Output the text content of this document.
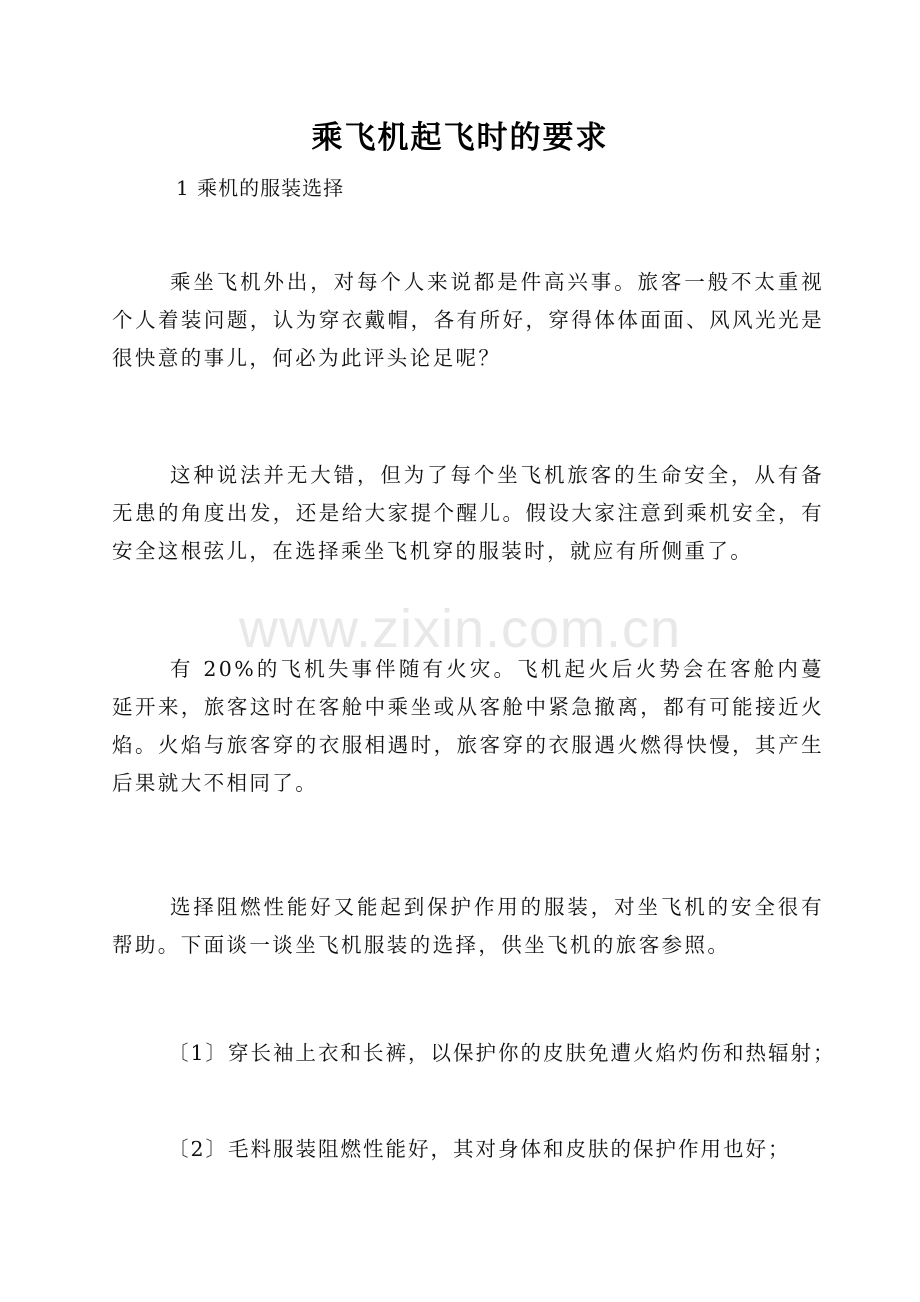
乘飞机起飞时的要求
1 乘机的服装选择

乘坐飞机外出，对每个人来说都是件高兴事。旅客一般不太重视个人着装问题，认为穿衣戴帽，各有所好，穿得体体面面、风风光光是很快意的事儿，何必为此评头论足呢？

这种说法并无大错，但为了每个坐飞机旅客的生命安全，从有备无患的角度出发，还是给大家提个醒儿。假设大家注意到乘机安全，有安全这根弦儿，在选择乘坐飞机穿的服装时，就应有所侧重了。

有 20%的飞机失事伴随有火灾。飞机起火后火势会在客舱内蔓延开来，旅客这时在客舱中乘坐或从客舱中紧急撤离，都有可能接近火焰。火焰与旅客穿的衣服相遇时，旅客穿的衣服遇火燃得快慢，其产生后果就大不相同了。

选择阻燃性能好又能起到保护作用的服装，对坐飞机的安全很有帮助。下面谈一谈坐飞机服装的选择，供坐飞机的旅客参照。

〔1〕穿长袖上衣和长裤，以保护你的皮肤免遭火焰灼伤和热辐射；

〔2〕毛料服装阻燃性能好，其对身体和皮肤的保护作用也好；

www.zixin.com.cn
